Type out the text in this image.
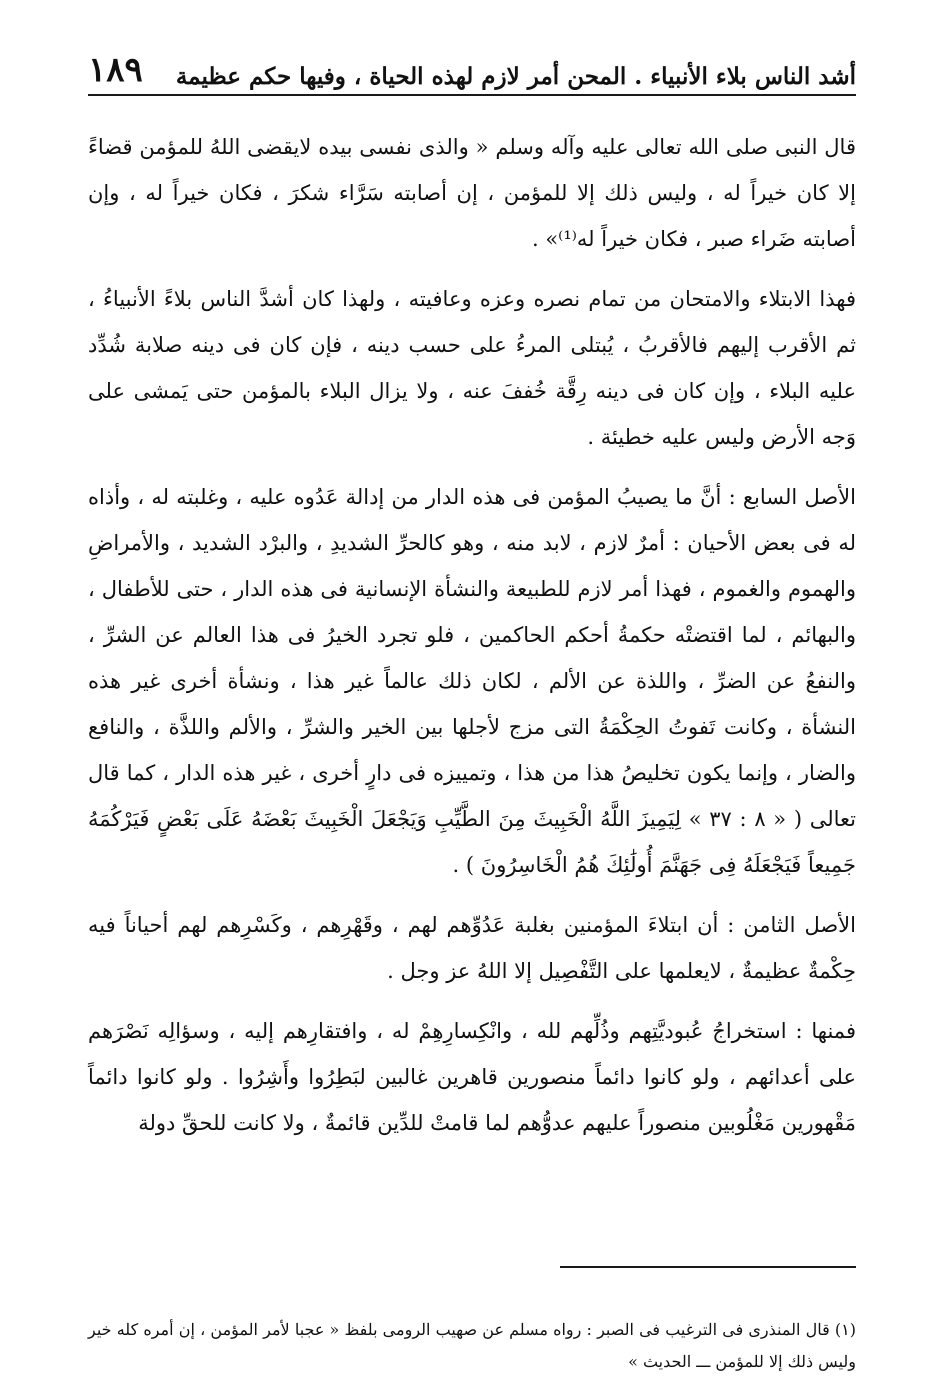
أشد الناس بلاء الأنبياء . المحن أمر لازم لهذه الحياة ، وفيها حكم عظيمة
١٨٩

قال النبى صلى الله تعالى عليه وآله وسلم « والذى نفسى بيده لايقضى اللهُ للمؤمن قضاءً إلا كان خيراً له ، وليس ذلك إلا للمؤمن ، إن أصابته سَرَّاء شكرَ ، فكان خيراً له ، وإن أصابته ضَراء صبر ، فكان خيراً له⁽¹⁾» .

فهذا الابتلاء والامتحان من تمام نصره وعزه وعافيته ، ولهذا كان أشدَّ الناس بلاءً الأنبياءُ ، ثم الأقرب إليهم فالأقربُ ، يُبتلى المرءُ على حسب دينه ، فإن كان فى دينه صلابة شُدِّد عليه البلاء ، وإن كان فى دينه رِقَّة خُففَ عنه ، ولا يزال البلاء بالمؤمن حتى يَمشى على وَجه الأرض وليس عليه خطيئة .

الأصل السابع : أنَّ ما يصيبُ المؤمن فى هذه الدار من إدالة عَدُوه عليه ، وغلبته له ، وأذاه له فى بعض الأحيان : أمرٌ لازم ، لابد منه ، وهو كالحرِّ الشديدِ ، والبرْد الشديد ، والأمراضِ والهموم والغموم ، فهذا أمر لازم للطبيعة والنشأة الإنسانية فى هذه الدار ، حتى للأطفال ، والبهائم ، لما اقتضتْه حكمةُ أحكم الحاكمين ، فلو تجرد الخيرُ فى هذا العالم عن الشرِّ ، والنفعُ عن الضرِّ ، واللذة عن الألم ، لكان ذلك عالماً غير هذا ، ونشأة أخرى غير هذه النشأة ، وكانت تَفوتُ الحِكْمَةُ التى مزج لأجلها بين الخير والشرِّ ، والألم واللذَّة ، والنافع والضار ، وإنما يكون تخليصُ هذا من هذا ، وتمييزه فى دارٍ أخرى ، غير هذه الدار ، كما قال تعالى ( « ٨ : ٣٧ » لِيَمِيزَ اللَّهُ الْخَبِيثَ مِنَ الطَّيِّبِ وَيَجْعَلَ الْخَبِيثَ بَعْضَهُ عَلَى بَعْضٍ فَيَرْكُمَهُ جَمِيعاً فَيَجْعَلَهُ فِى جَهَنَّمَ أُولَٰئِكَ هُمُ الْخَاسِرُونَ ) .

الأصل الثامن : أن ابتلاءَ المؤمنين بغلبة عَدُوِّهم لهم ، وقَهْرِهم ، وكَسْرِهم لهم أحياناً فيه حِكْمةٌ عظيمةٌ ، لايعلمها على التَّفْصِيل إلا اللهُ عز وجل .

فمنها : استخراجُ عُبوديَّتِهم وذُلِّهم لله ، وانْكِسارِهِمْ له ، وافتقارِهم إليه ، وسؤالِه نَصْرَهم على أعدائهم ، ولو كانوا دائماً منصورين قاهرين غالبين لبَطِرُوا وأَشِرُوا . ولو كانوا دائماً مَقْهورين مَغْلُوبين منصوراً عليهم عدوُّهم لما قامتْ للدِّين قائمةٌ ، ولا كانت للحقِّ دولة

(١) قال المنذرى فى الترغيب فى الصبر : رواه مسلم عن صهيب الرومى بلفظ « عجبا لأمر المؤمن ، إن أمره كله خير وليس ذلك إلا للمؤمن ـــ الحديث »
